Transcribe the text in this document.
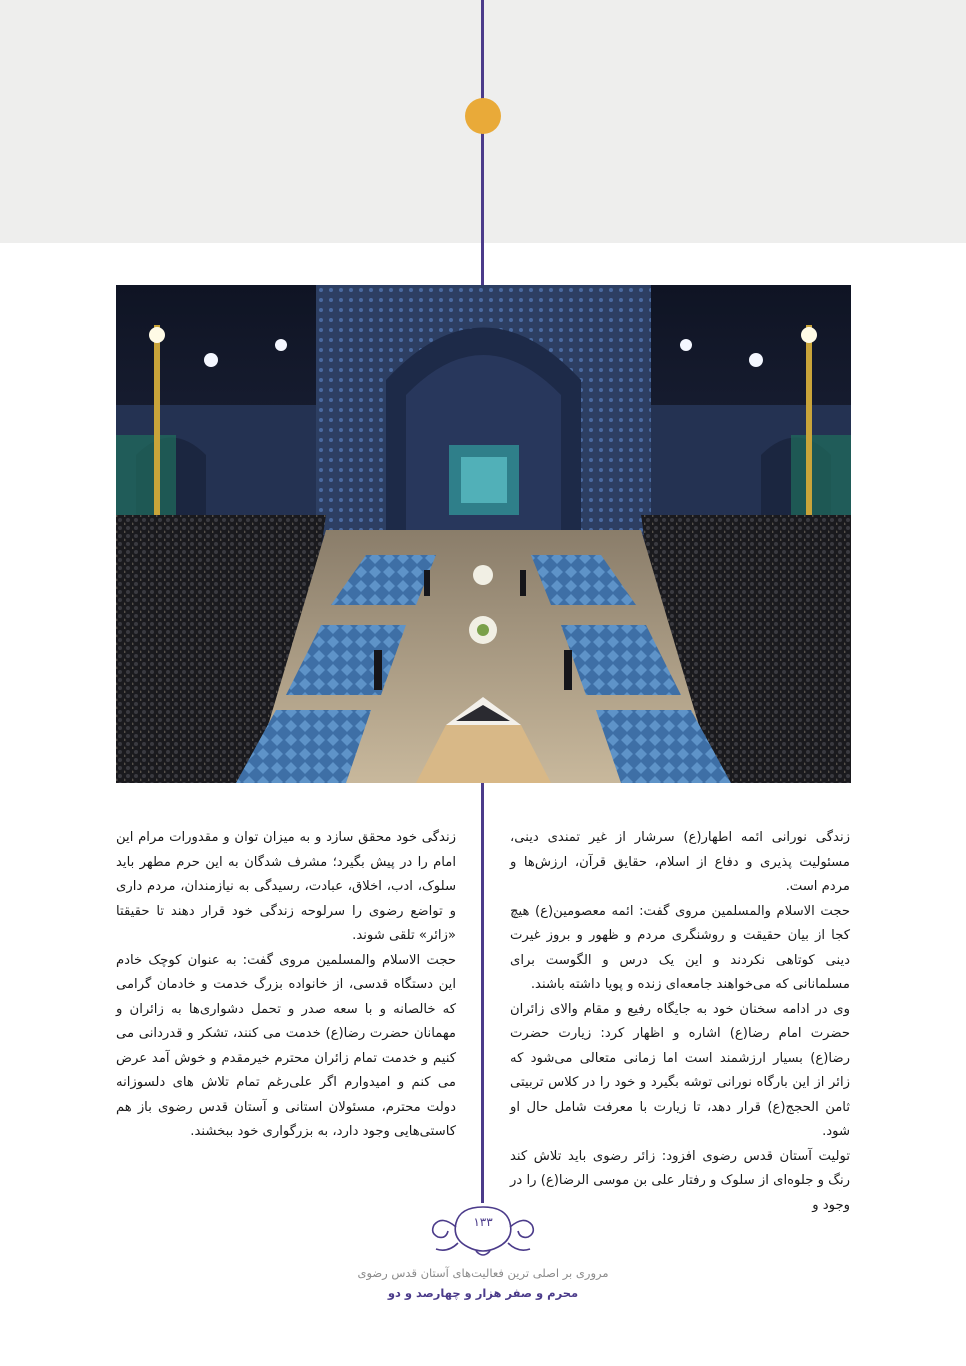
زندگی نورانی ائمه اطهار‌(ع) سرشار از غیر تمندی دینی، مسئولیت پذیری و دفاع از اسلام، حقایق قرآن، ارزش‌ها و مردم است.

حجت الاسلام والمسلمین مروی گفت: ائمه معصومین(ع) هیچ کجا از بیان حقیقت و روشنگری مردم و ظهور و بروز غیرت دینی کوتاهی نکردند و این یک درس و الگوست برای مسلمانانی که می‌خواهند جامعه‌ای زنده و پویا داشته باشند.

وی در ادامه سخنان خود به جایگاه رفیع و مقام والای زائران حضرت امام رضا(ع) اشاره و اظهار کرد: زیارت حضرت رضا(ع) بسیار ارزشمند است اما زمانی متعالی می‌شود که زائر از این بارگاه نورانی توشه بگیرد و خود را در کلاس تربیتی ثامن الحجج(ع) قرار دهد، تا زیارت با معرفت شامل حال او شود.

تولیت آستان قدس رضوی افزود: زائر رضوی باید تلاش کند رنگ و جلوه‌ای از سلوک و رفتار علی بن موسی الرضا(ع) را در وجود و

زندگی خود محقق سازد و به میزان توان و مقدورات مرام این امام را در پیش بگیرد؛ مشرف شدگان به این حرم مطهر باید سلوک، ادب، اخلاق، عبادت، رسیدگی به نیازمندان، مردم داری و تواضع رضوی را سرلوحه زندگی خود قرار دهند تا حقیقتا «زائر» تلقی شوند.

حجت الاسلام والمسلمین مروی گفت: به عنوان کوچک خادم این دستگاه قدسی، از خانواده بزرگ خدمت و خادمان گرامی که خالصانه و با سعه صدر و تحمل دشواری‌ها به زائران و مهمانان حضرت رضا(ع) خدمت می کنند، تشکر و قدردانی می کنیم و خدمت تمام زائران محترم خیرمقدم و خوش آمد عرض می کنم و امیدوارم اگر علی‌رغم تمام تلاش های دلسوزانه دولت محترم، مسئولان استانی و آستان قدس رضوی باز هم کاستی‌هایی وجود دارد، به بزرگواری خود ببخشند.

۱۳۳
مروری بر اصلی ترین فعالیت‌های آستان قدس رضوی
محرم و صفر هزار و چهارصد و دو
